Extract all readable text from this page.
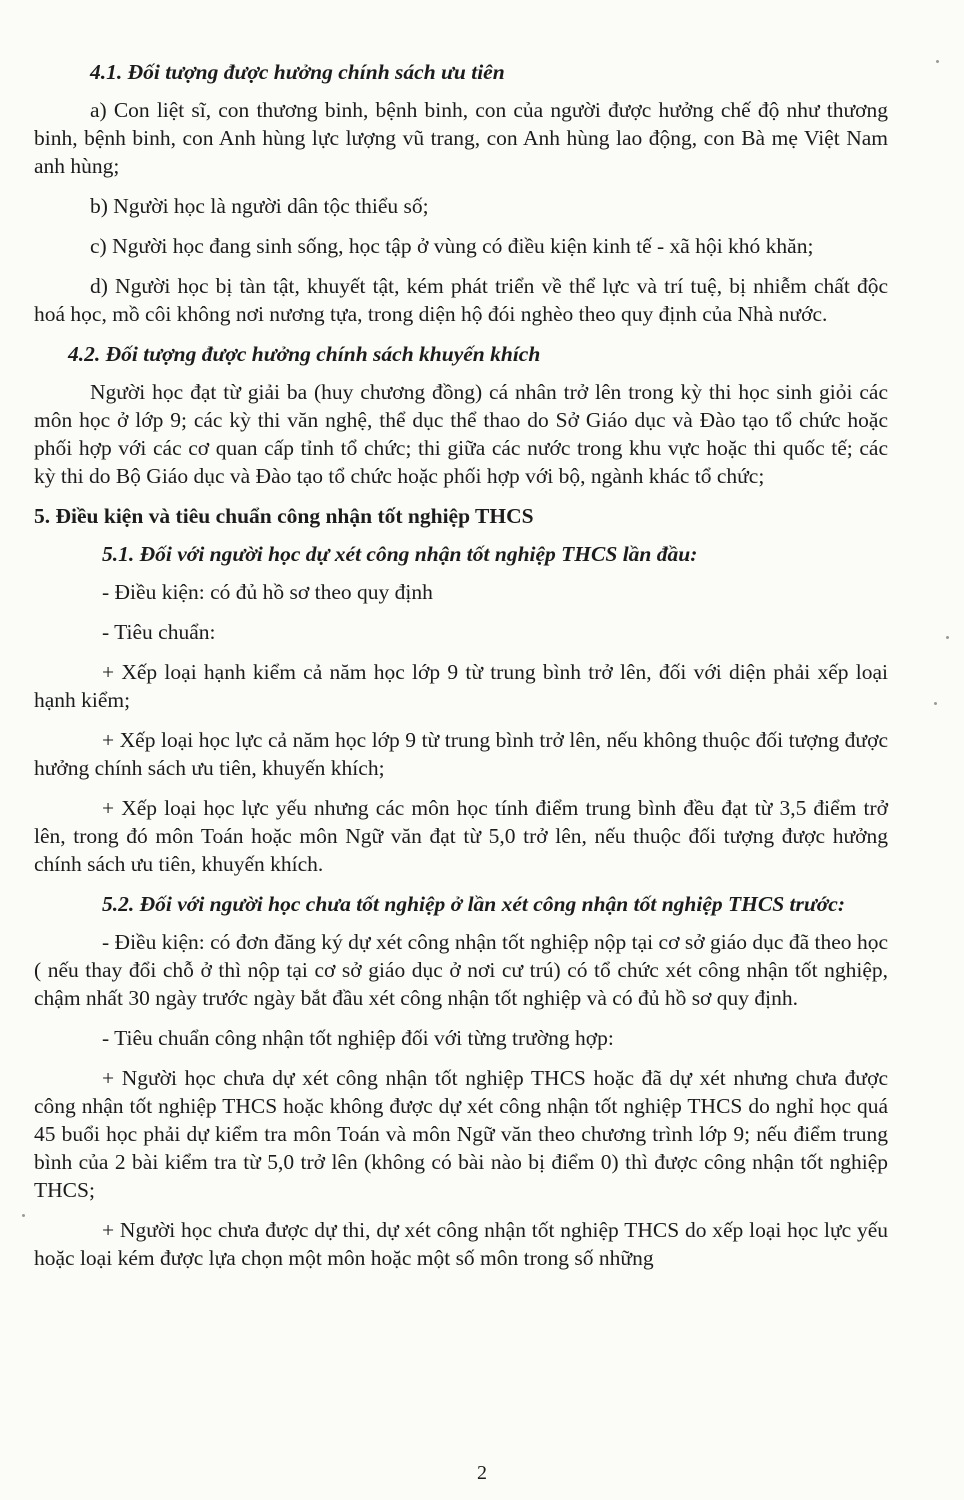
4.1. Đối tượng được hưởng chính sách ưu tiên

a) Con liệt sĩ, con thương binh, bệnh binh, con của người được hưởng chế độ như thương binh, bệnh binh, con Anh hùng lực lượng vũ trang, con Anh hùng lao động, con Bà mẹ Việt Nam anh hùng;

b) Người học là người dân tộc thiểu số;

c) Người học đang sinh sống, học tập ở vùng có điều kiện kinh tế - xã hội khó khăn;

d) Người học bị tàn tật, khuyết tật, kém phát triển về thể lực và trí tuệ, bị nhiễm chất độc hoá học, mồ côi không nơi nương tựa, trong diện hộ đói nghèo theo quy định của Nhà nước.

4.2. Đối tượng được hưởng chính sách khuyến khích

Người học đạt từ giải ba (huy chương đồng) cá nhân trở lên trong kỳ thi học sinh giỏi các môn học ở lớp 9; các kỳ thi văn nghệ, thể dục thể thao do Sở Giáo dục và Đào tạo tổ chức hoặc phối hợp với các cơ quan cấp tỉnh tổ chức; thi giữa các nước trong khu vực hoặc thi quốc tế; các kỳ thi do Bộ Giáo dục và Đào tạo tổ chức hoặc phối hợp với bộ, ngành khác tổ chức;

5. Điều kiện và tiêu chuẩn công nhận tốt nghiệp THCS

5.1. Đối với người học dự xét công nhận tốt nghiệp THCS lần đầu:

- Điều kiện: có đủ hồ sơ theo quy định

- Tiêu chuẩn:

+ Xếp loại hạnh kiểm cả năm học lớp 9 từ trung bình trở lên, đối với diện phải xếp loại hạnh kiểm;

+ Xếp loại học lực cả năm học lớp 9 từ trung bình trở lên, nếu không thuộc đối tượng được hưởng chính sách ưu tiên, khuyến khích;

+ Xếp loại học lực yếu nhưng các môn học tính điểm trung bình đều đạt từ 3,5 điểm trở lên, trong đó môn Toán hoặc môn Ngữ văn đạt từ 5,0 trở lên, nếu thuộc đối tượng được hưởng chính sách ưu tiên, khuyến khích.

5.2. Đối với người học chưa tốt nghiệp ở lần xét công nhận tốt nghiệp THCS trước:

- Điều kiện: có đơn đăng ký dự xét công nhận tốt nghiệp nộp tại cơ sở giáo dục đã theo học ( nếu thay đổi chỗ ở thì nộp tại cơ sở giáo dục ở nơi cư trú) có tổ chức xét công nhận tốt nghiệp, chậm nhất 30 ngày trước ngày bắt đầu xét công nhận tốt nghiệp và có đủ hồ sơ quy định.

- Tiêu chuẩn công nhận tốt nghiệp đối với từng trường hợp:

+ Người học chưa dự xét công nhận tốt nghiệp THCS hoặc đã dự xét nhưng chưa được công nhận tốt nghiệp THCS hoặc không được dự xét công nhận tốt nghiệp THCS do nghỉ học quá 45 buổi học phải dự kiểm tra môn Toán và môn Ngữ văn theo chương trình lớp 9; nếu điểm trung bình của 2 bài kiểm tra từ 5,0 trở lên (không có bài nào bị điểm 0) thì được công nhận tốt nghiệp THCS;

+ Người học chưa được dự thi, dự xét công nhận tốt nghiệp THCS do xếp loại học lực yếu hoặc loại kém được lựa chọn một môn hoặc một số môn trong số những

2
